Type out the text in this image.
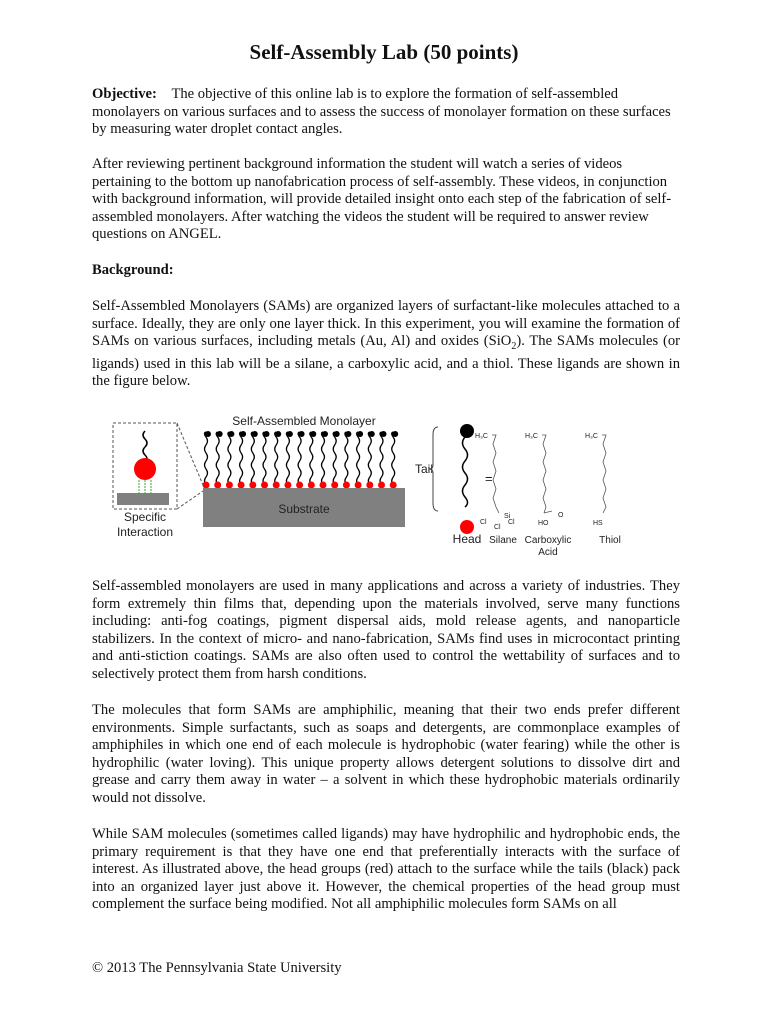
Self-Assembly Lab (50 points)

Objective: The objective of this online lab is to explore the formation of self-assembled monolayers on various surfaces and to assess the success of monolayer formation on these surfaces by measuring water droplet contact angles.

After reviewing pertinent background information the student will watch a series of videos pertaining to the bottom up nanofabrication process of self-assembly. These videos, in conjunction with background information, will provide detailed insight onto each step of the fabrication of self-assembled monolayers. After watching the videos the student will be required to answer review questions on ANGEL.

Background:

Self-Assembled Monolayers (SAMs) are organized layers of surfactant-like molecules attached to a surface. Ideally, they are only one layer thick. In this experiment, you will examine the formation of SAMs on various surfaces, including metals (Au, Al) and oxides (SiO$_2$). The SAMs molecules (or ligands) used in this lab will be a silane, a carboxylic acid, and a thiol. These ligands are shown in the figure below.

Substrate
Self-Assembled Monolayer
Specific
Interaction
Tail
Head
=
H₃C	H₃C	H₃C
Si
Cl
Cl
Cl	HO
O
HS
Silane Carboxylic
Acid
Thiol

Self-assembled monolayers are used in many applications and across a variety of industries. They form extremely thin films that, depending upon the materials involved, serve many functions including: anti-fog coatings, pigment dispersal aids, mold release agents, and nanoparticle stabilizers. In the context of micro- and nano-fabrication, SAMs find uses in microcontact printing and anti-stiction coatings. SAMs are also often used to control the wettability of surfaces and to selectively protect them from harsh conditions.

The molecules that form SAMs are amphiphilic, meaning that their two ends prefer different environments. Simple surfactants, such as soaps and detergents, are commonplace examples of amphiphiles in which one end of each molecule is hydrophobic (water fearing) while the other is hydrophilic (water loving). This unique property allows detergent solutions to dissolve dirt and grease and carry them away in water – a solvent in which these hydrophobic materials ordinarily would not dissolve.

While SAM molecules (sometimes called ligands) may have hydrophilic and hydrophobic ends, the primary requirement is that they have one end that preferentially interacts with the surface of interest. As illustrated above, the head groups (red) attach to the surface while the tails (black) pack into an organized layer just above it. However, the chemical properties of the head group must complement the surface being modified. Not all amphiphilic molecules form SAMs on all

© 2013 The Pennsylvania State University
